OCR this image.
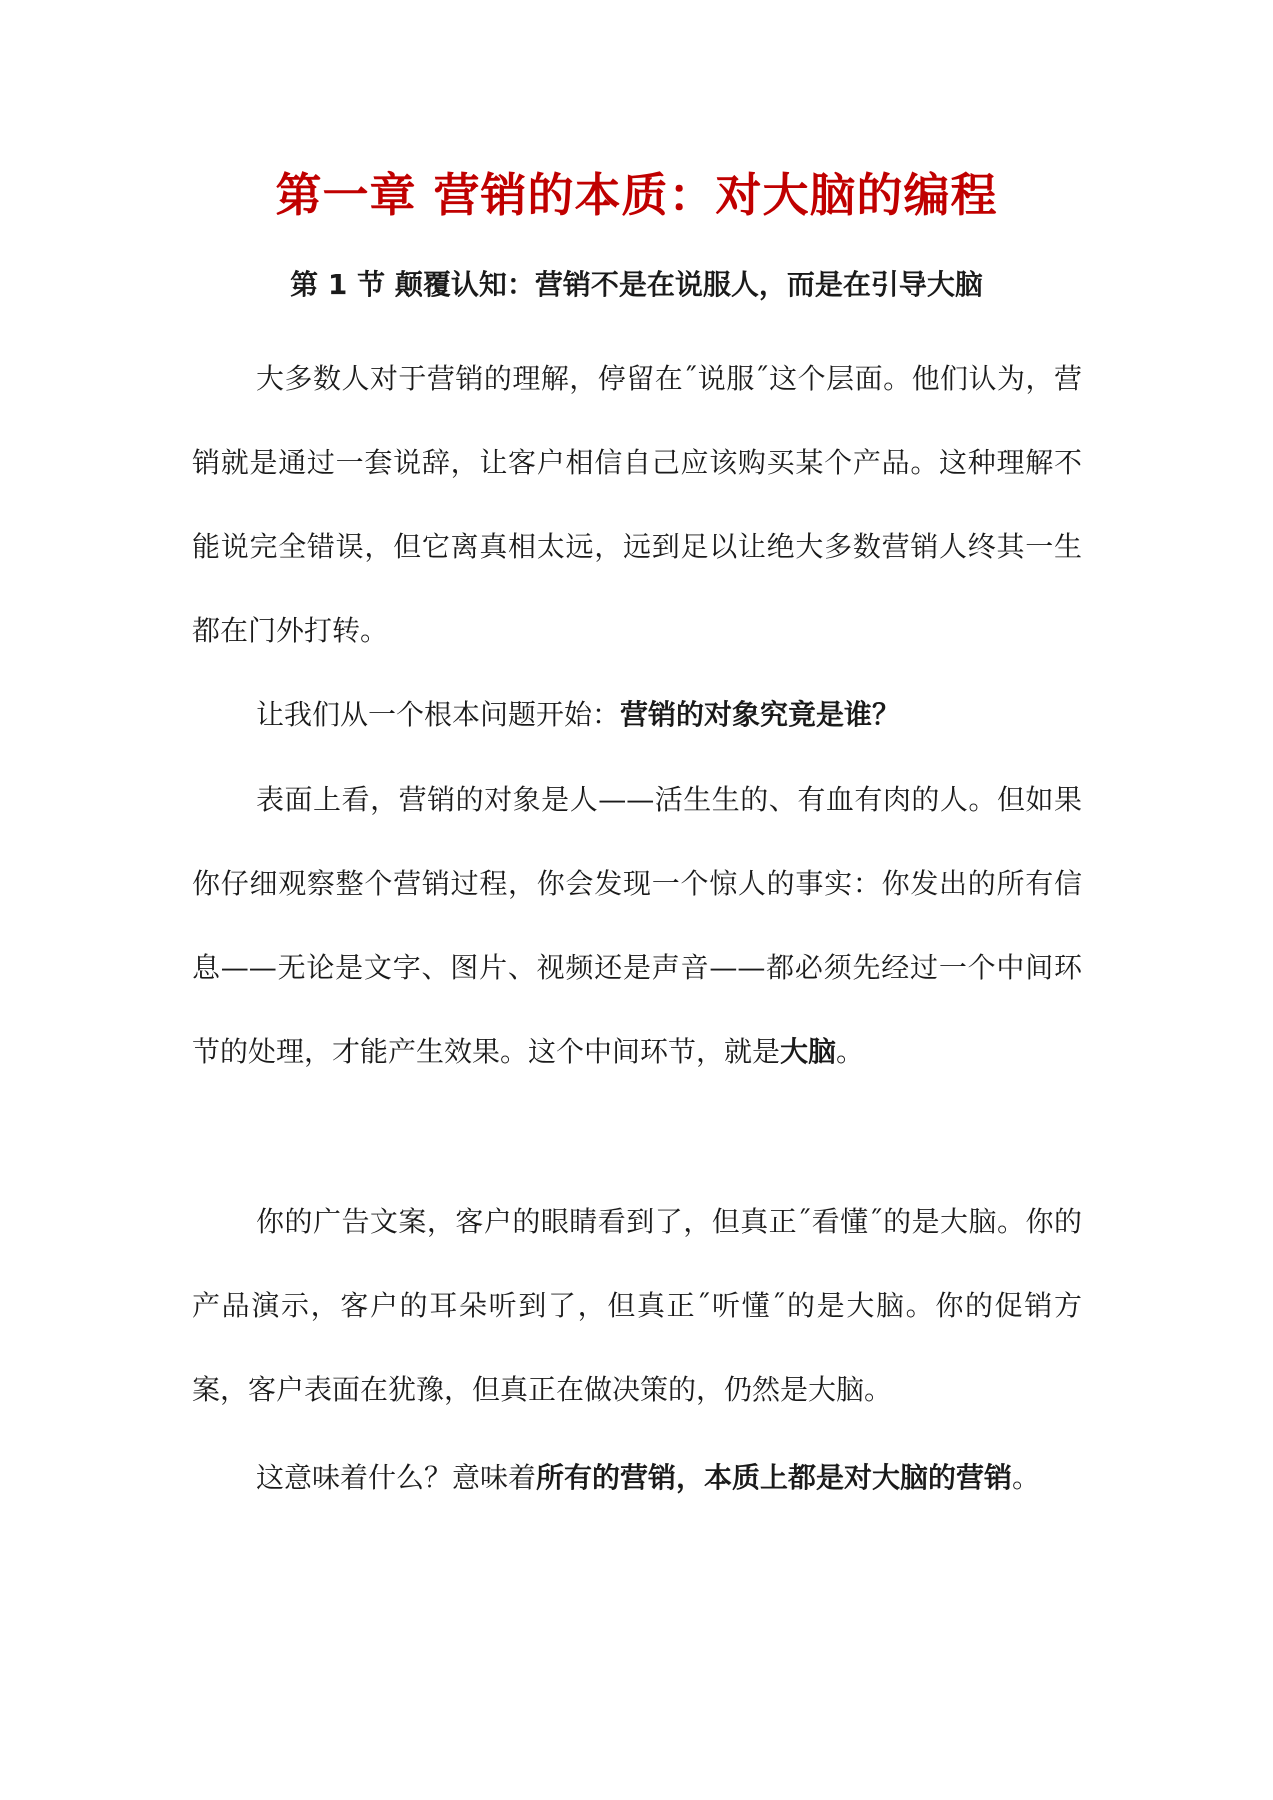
第一章 营销的本质：对大脑的编程
第 1 节 颠覆认知：营销不是在说服人，而是在引导大脑

大多数人对于营销的理解，停留在˝说服˝这个层面。他们认为，营销就是通过一套说辞，让客户相信自己应该购买某个产品。这种理解不能说完全错误，但它离真相太远，远到足以让绝大多数营销人终其一生都在门外打转。

让我们从一个根本问题开始：营销的对象究竟是谁？

表面上看，营销的对象是人——活生生的、有血有肉的人。但如果你仔细观察整个营销过程，你会发现一个惊人的事实：你发出的所有信息——无论是文字、图片、视频还是声音——都必须先经过一个中间环节的处理，才能产生效果。这个中间环节，就是大脑。

你的广告文案，客户的眼睛看到了，但真正˝看懂˝的是大脑。你的产品演示，客户的耳朵听到了，但真正˝听懂˝的是大脑。你的促销方案，客户表面在犹豫，但真正在做决策的，仍然是大脑。

这意味着什么？意味着所有的营销，本质上都是对大脑的营销。
